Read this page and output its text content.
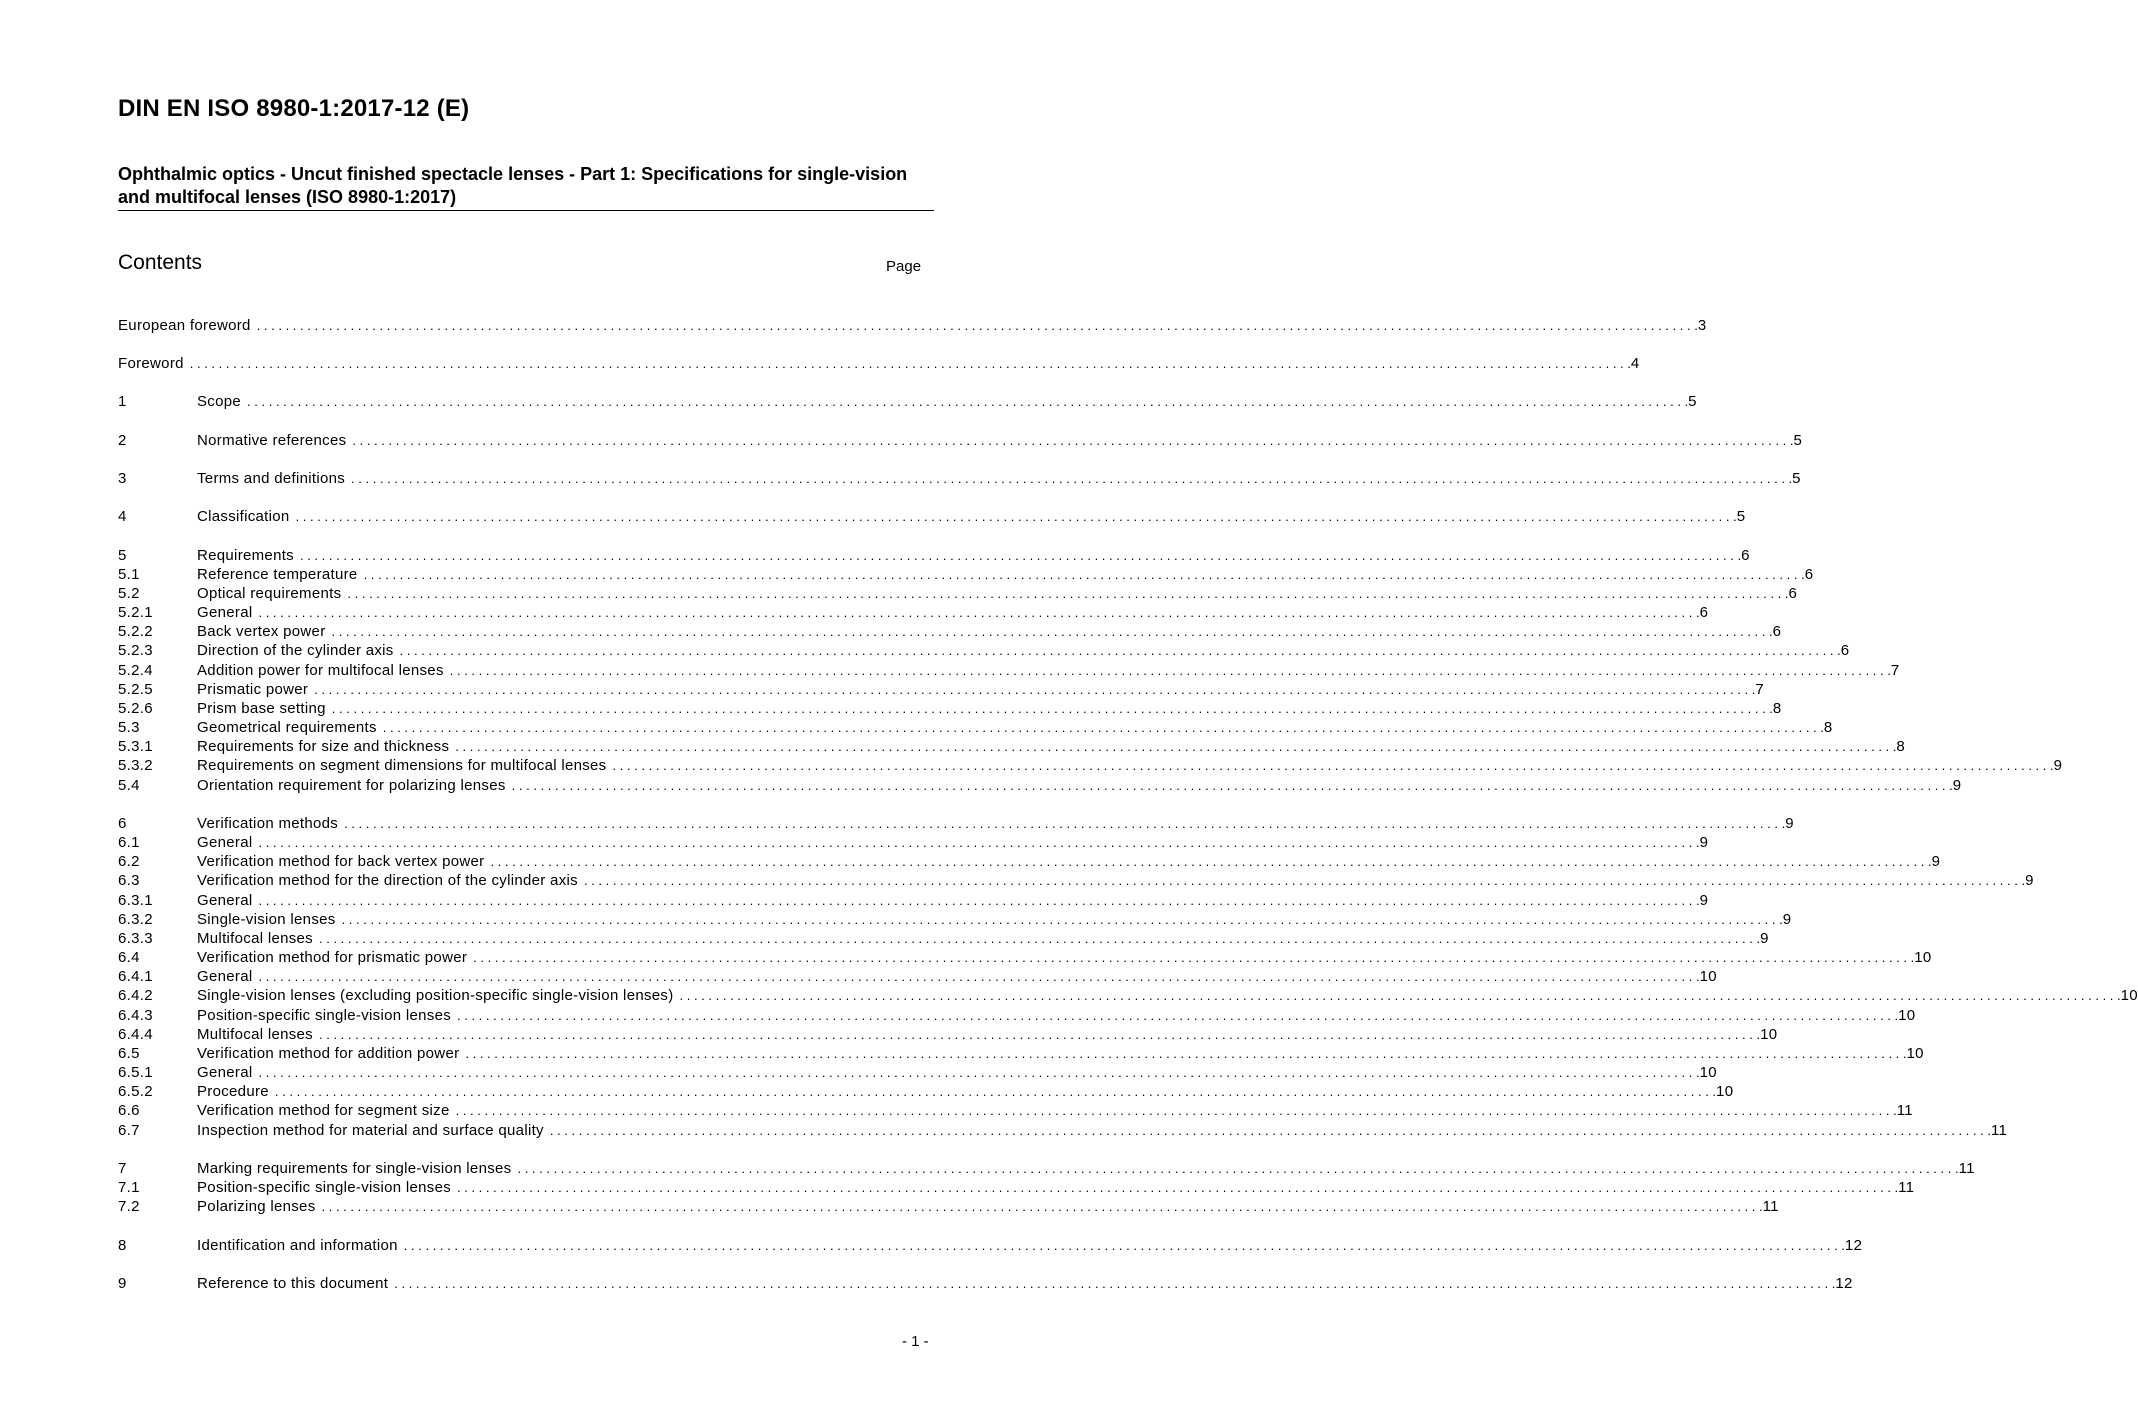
DIN EN ISO 8980-1:2017-12 (E)
Ophthalmic optics - Uncut finished spectacle lenses - Part 1: Specifications for single-vision and multifocal lenses (ISO 8980-1:2017)
Contents	Page
European foreword . . . . . . . . . . . . . . . . . . . . . . . . . . . . . . . . . . . . . . . . . . . . . . . . . . . . . . . . . . . . . . . . . . . . . . . . . . . . . . . . . . . . . . . . . . . . . . . . . . . . . . . . . . . . . . . . . . . . . . . . . . . . . . . . . . . . . . . . . . . . . . . . . . . . . . . . . . . . . . . . . . . . . . . . . . . . . . . . . . . . . . . . . . . . . . . . . . . . . . . . 3
Foreword . . . . . . . . . . . . . . . . . . . . . . . . . . . . . . . . . . . . . . . . . . . . . . . . . . . . . . . . . . . . . . . . . . . . . . . . . . . . . . . . . . . . . . . . . . . . . . . . . . . . . . . . . . . . . . . . . . . . . . . . . . . . . . . . . . . . . . . . . . . . . . . . . . . . . . . . . . . . . . . . . . . . . . . . . . . . . . . . . . . . . . . . . . . . . . . . . . . . . . . . 4
1	Scope . . . . . . . . . . . . . . . . . . . . . . . . . . . . . . . . . . . . . . . . . . . . . . . . . . . . . . . . . . . . . . . . . . . . . . . . . . . . . . . . . . . . . . . . . . . . . . . . . . . . . . . . . . . . . . . . . . . . . . . . . . . . . . . . . . . . . . . . . . . . . . . . . . . . . . . . . . . . . . . . . . . . . . . . . . . . . . . . . . . . . . . . . . . . . . . . . . . . . . . . 5
2	Normative references . . . . . . . . . . . . . . . . . . . . . . . . . . . . . . . . . . . . . . . . . . . . . . . . . . . . . . . . . . . . . . . . . . . . . . . . . . . . . . . . . . . . . . . . . . . . . . . . . . . . . . . . . . . . . . . . . . . . . . . . . . . . . . . . . . . . . . . . . . . . . . . . . . . . . . . . . . . . . . . . . . . . . . . . . . . . . . . . . . . . . . . . . . . . . . . . . . . . . . . . 5
3	Terms and definitions . . . . . . . . . . . . . . . . . . . . . . . . . . . . . . . . . . . . . . . . . . . . . . . . . . . . . . . . . . . . . . . . . . . . . . . . . . . . . . . . . . . . . . . . . . . . . . . . . . . . . . . . . . . . . . . . . . . . . . . . . . . . . . . . . . . . . . . . . . . . . . . . . . . . . . . . . . . . . . . . . . . . . . . . . . . . . . . . . . . . . . . . . . . . . . . . . . . . . . . . 5
4	Classification . . . . . . . . . . . . . . . . . . . . . . . . . . . . . . . . . . . . . . . . . . . . . . . . . . . . . . . . . . . . . . . . . . . . . . . . . . . . . . . . . . . . . . . . . . . . . . . . . . . . . . . . . . . . . . . . . . . . . . . . . . . . . . . . . . . . . . . . . . . . . . . . . . . . . . . . . . . . . . . . . . . . . . . . . . . . . . . . . . . . . . . . . . . . . . . . . . . . . . . . 5
5	Requirements . . . . . . . . . . . . . . . . . . . . . . . . . . . . . . . . . . . . . . . . . . . . . . . . . . . . . . . . . . . . . . . . . . . . . . . . . . . . . . . . . . . . . . . . . . . . . . . . . . . . . . . . . . . . . . . . . . . . . . . . . . . . . . . . . . . . . . . . . . . . . . . . . . . . . . . . . . . . . . . . . . . . . . . . . . . . . . . . . . . . . . . . . . . . . . . . . . . . . . . . 6
5.1	Reference temperature . . . . . . . . . . . . . . . . . . . . . . . . . . . . . . . . . . . . . . . . . . . . . . . . . . . . . . . . . . . . . . . . . . . . . . . . . . . . . . . . . . . . . . . . . . . . . . . . . . . . . . . . . . . . . . . . . . . . . . . . . . . . . . . . . . . . . . . . . . . . . . . . . . . . . . . . . . . . . . . . . . . . . . . . . . . . . . . . . . . . . . . . . . . . . . . . . . . . . . . . 6
5.2	Optical requirements . . . . . . . . . . . . . . . . . . . . . . . . . . . . . . . . . . . . . . . . . . . . . . . . . . . . . . . . . . . . . . . . . . . . . . . . . . . . . . . . . . . . . . . . . . . . . . . . . . . . . . . . . . . . . . . . . . . . . . . . . . . . . . . . . . . . . . . . . . . . . . . . . . . . . . . . . . . . . . . . . . . . . . . . . . . . . . . . . . . . . . . . . . . . . . . . . . . . . . . . 6
5.2.1	General . . . . . . . . . . . . . . . . . . . . . . . . . . . . . . . . . . . . . . . . . . . . . . . . . . . . . . . . . . . . . . . . . . . . . . . . . . . . . . . . . . . . . . . . . . . . . . . . . . . . . . . . . . . . . . . . . . . . . . . . . . . . . . . . . . . . . . . . . . . . . . . . . . . . . . . . . . . . . . . . . . . . . . . . . . . . . . . . . . . . . . . . . . . . . . . . . . . . . . . . 6
5.2.2	Back vertex power . . . . . . . . . . . . . . . . . . . . . . . . . . . . . . . . . . . . . . . . . . . . . . . . . . . . . . . . . . . . . . . . . . . . . . . . . . . . . . . . . . . . . . . . . . . . . . . . . . . . . . . . . . . . . . . . . . . . . . . . . . . . . . . . . . . . . . . . . . . . . . . . . . . . . . . . . . . . . . . . . . . . . . . . . . . . . . . . . . . . . . . . . . . . . . . . . . . . . . . . 6
5.2.3	Direction of the cylinder axis . . . . . . . . . . . . . . . . . . . . . . . . . . . . . . . . . . . . . . . . . . . . . . . . . . . . . . . . . . . . . . . . . . . . . . . . . . . . . . . . . . . . . . . . . . . . . . . . . . . . . . . . . . . . . . . . . . . . . . . . . . . . . . . . . . . . . . . . . . . . . . . . . . . . . . . . . . . . . . . . . . . . . . . . . . . . . . . . . . . . . . . . . . . . . . . . . . . . . . . . 6
5.2.4	Addition power for multifocal lenses . . . . . . . . . . . . . . . . . . . . . . . . . . . . . . . . . . . . . . . . . . . . . . . . . . . . . . . . . . . . . . . . . . . . . . . . . . . . . . . . . . . . . . . . . . . . . . . . . . . . . . . . . . . . . . . . . . . . . . . . . . . . . . . . . . . . . . . . . . . . . . . . . . . . . . . . . . . . . . . . . . . . . . . . . . . . . . . . . . . . . . . . . . . . . . . . . . . . . . . . 7
5.2.5	Prismatic power . . . . . . . . . . . . . . . . . . . . . . . . . . . . . . . . . . . . . . . . . . . . . . . . . . . . . . . . . . . . . . . . . . . . . . . . . . . . . . . . . . . . . . . . . . . . . . . . . . . . . . . . . . . . . . . . . . . . . . . . . . . . . . . . . . . . . . . . . . . . . . . . . . . . . . . . . . . . . . . . . . . . . . . . . . . . . . . . . . . . . . . . . . . . . . . . . . . . . . . . 7
5.2.6	Prism base setting . . . . . . . . . . . . . . . . . . . . . . . . . . . . . . . . . . . . . . . . . . . . . . . . . . . . . . . . . . . . . . . . . . . . . . . . . . . . . . . . . . . . . . . . . . . . . . . . . . . . . . . . . . . . . . . . . . . . . . . . . . . . . . . . . . . . . . . . . . . . . . . . . . . . . . . . . . . . . . . . . . . . . . . . . . . . . . . . . . . . . . . . . . . . . . . . . . . . . . . . 8
5.3	Geometrical requirements . . . . . . . . . . . . . . . . . . . . . . . . . . . . . . . . . . . . . . . . . . . . . . . . . . . . . . . . . . . . . . . . . . . . . . . . . . . . . . . . . . . . . . . . . . . . . . . . . . . . . . . . . . . . . . . . . . . . . . . . . . . . . . . . . . . . . . . . . . . . . . . . . . . . . . . . . . . . . . . . . . . . . . . . . . . . . . . . . . . . . . . . . . . . . . . . . . . . . . . . 8
5.3.1	Requirements for size and thickness . . . . . . . . . . . . . . . . . . . . . . . . . . . . . . . . . . . . . . . . . . . . . . . . . . . . . . . . . . . . . . . . . . . . . . . . . . . . . . . . . . . . . . . . . . . . . . . . . . . . . . . . . . . . . . . . . . . . . . . . . . . . . . . . . . . . . . . . . . . . . . . . . . . . . . . . . . . . . . . . . . . . . . . . . . . . . . . . . . . . . . . . . . . . . . . . . . . . . . . . 8
5.3.2	Requirements on segment dimensions for multifocal lenses . . . . . . . . . . . . . . . . . . . . . . . . . . . . . . . . . . . . . . . . . . . . . . . . . . . . . . . . . . . . . . . . . . . . . . . . . . . . . . . . . . . . . . . . . . . . . . . . . . . . . . . . . . . . . . . . . . . . . . . . . . . . . . . . . . . . . . . . . . . . . . . . . . . . . . . . . . . . . . . . . . . . . . . . . . . . . . . . . . . . . . . . . . . . . . . . . . . . . . . . 9
5.4	Orientation requirement for polarizing lenses . . . . . . . . . . . . . . . . . . . . . . . . . . . . . . . . . . . . . . . . . . . . . . . . . . . . . . . . . . . . . . . . . . . . . . . . . . . . . . . . . . . . . . . . . . . . . . . . . . . . . . . . . . . . . . . . . . . . . . . . . . . . . . . . . . . . . . . . . . . . . . . . . . . . . . . . . . . . . . . . . . . . . . . . . . . . . . . . . . . . . . . . . . . . . . . . . . . . . . . . 9
6	Verification methods . . . . . . . . . . . . . . . . . . . . . . . . . . . . . . . . . . . . . . . . . . . . . . . . . . . . . . . . . . . . . . . . . . . . . . . . . . . . . . . . . . . . . . . . . . . . . . . . . . . . . . . . . . . . . . . . . . . . . . . . . . . . . . . . . . . . . . . . . . . . . . . . . . . . . . . . . . . . . . . . . . . . . . . . . . . . . . . . . . . . . . . . . . . . . . . . . . . . . . . . 9
6.1	General . . . . . . . . . . . . . . . . . . . . . . . . . . . . . . . . . . . . . . . . . . . . . . . . . . . . . . . . . . . . . . . . . . . . . . . . . . . . . . . . . . . . . . . . . . . . . . . . . . . . . . . . . . . . . . . . . . . . . . . . . . . . . . . . . . . . . . . . . . . . . . . . . . . . . . . . . . . . . . . . . . . . . . . . . . . . . . . . . . . . . . . . . . . . . . . . . . . . . . . . 9
6.2	Verification method for back vertex power . . . . . . . . . . . . . . . . . . . . . . . . . . . . . . . . . . . . . . . . . . . . . . . . . . . . . . . . . . . . . . . . . . . . . . . . . . . . . . . . . . . . . . . . . . . . . . . . . . . . . . . . . . . . . . . . . . . . . . . . . . . . . . . . . . . . . . . . . . . . . . . . . . . . . . . . . . . . . . . . . . . . . . . . . . . . . . . . . . . . . . . . . . . . . . . . . . . . . . . . 9
6.3	Verification method for the direction of the cylinder axis . . . . . . . . . . . . . . . . . . . . . . . . . . . . . . . . . . . . . . . . . . . . . . . . . . . . . . . . . . . . . . . . . . . . . . . . . . . . . . . . . . . . . . . . . . . . . . . . . . . . . . . . . . . . . . . . . . . . . . . . . . . . . . . . . . . . . . . . . . . . . . . . . . . . . . . . . . . . . . . . . . . . . . . . . . . . . . . . . . . . . . . . . . . . . . . . . . . . . . . . 9
6.3.1	General . . . . . . . . . . . . . . . . . . . . . . . . . . . . . . . . . . . . . . . . . . . . . . . . . . . . . . . . . . . . . . . . . . . . . . . . . . . . . . . . . . . . . . . . . . . . . . . . . . . . . . . . . . . . . . . . . . . . . . . . . . . . . . . . . . . . . . . . . . . . . . . . . . . . . . . . . . . . . . . . . . . . . . . . . . . . . . . . . . . . . . . . . . . . . . . . . . . . . . . . 9
6.3.2	Single-vision lenses . . . . . . . . . . . . . . . . . . . . . . . . . . . . . . . . . . . . . . . . . . . . . . . . . . . . . . . . . . . . . . . . . . . . . . . . . . . . . . . . . . . . . . . . . . . . . . . . . . . . . . . . . . . . . . . . . . . . . . . . . . . . . . . . . . . . . . . . . . . . . . . . . . . . . . . . . . . . . . . . . . . . . . . . . . . . . . . . . . . . . . . . . . . . . . . . . . . . . . . . 9
6.3.3	Multifocal lenses . . . . . . . . . . . . . . . . . . . . . . . . . . . . . . . . . . . . . . . . . . . . . . . . . . . . . . . . . . . . . . . . . . . . . . . . . . . . . . . . . . . . . . . . . . . . . . . . . . . . . . . . . . . . . . . . . . . . . . . . . . . . . . . . . . . . . . . . . . . . . . . . . . . . . . . . . . . . . . . . . . . . . . . . . . . . . . . . . . . . . . . . . . . . . . . . . . . . . . . . 9
6.4	Verification method for prismatic power . . . . . . . . . . . . . . . . . . . . . . . . . . . . . . . . . . . . . . . . . . . . . . . . . . . . . . . . . . . . . . . . . . . . . . . . . . . . . . . . . . . . . . . . . . . . . . . . . . . . . . . . . . . . . . . . . . . . . . . . . . . . . . . . . . . . . . . . . . . . . . . . . . . . . . . . . . . . . . . . . . . . . . . . . . . . . . . . . . . . . . . . . . . . . . . . . . . . . . . . 10
6.4.1	General . . . . . . . . . . . . . . . . . . . . . . . . . . . . . . . . . . . . . . . . . . . . . . . . . . . . . . . . . . . . . . . . . . . . . . . . . . . . . . . . . . . . . . . . . . . . . . . . . . . . . . . . . . . . . . . . . . . . . . . . . . . . . . . . . . . . . . . . . . . . . . . . . . . . . . . . . . . . . . . . . . . . . . . . . . . . . . . . . . . . . . . . . . . . . . . . . . . . . . . . 10
6.4.2	Single-vision lenses (excluding position-specific single-vision lenses) . . . . . . . . . . . . . . . . . . . . . . . . . . . . . . . . . . . . . . . . . . . . . . . . . . . . . . . . . . . . . . . . . . . . . . . . . . . . . . . . . . . . . . . . . . . . . . . . . . . . . . . . . . . . . . . . . . . . . . . . . . . . . . . . . . . . . . . . . . . . . . . . . . . . . . . . . . . . . . . . . . . . . . . . . . . . . . . . . . . . . . . . . . . . . . . . . . . . . . . . 10
6.4.3	Position-specific single-vision lenses . . . . . . . . . . . . . . . . . . . . . . . . . . . . . . . . . . . . . . . . . . . . . . . . . . . . . . . . . . . . . . . . . . . . . . . . . . . . . . . . . . . . . . . . . . . . . . . . . . . . . . . . . . . . . . . . . . . . . . . . . . . . . . . . . . . . . . . . . . . . . . . . . . . . . . . . . . . . . . . . . . . . . . . . . . . . . . . . . . . . . . . . . . . . . . . . . . . . . . . . 10
6.4.4	Multifocal lenses . . . . . . . . . . . . . . . . . . . . . . . . . . . . . . . . . . . . . . . . . . . . . . . . . . . . . . . . . . . . . . . . . . . . . . . . . . . . . . . . . . . . . . . . . . . . . . . . . . . . . . . . . . . . . . . . . . . . . . . . . . . . . . . . . . . . . . . . . . . . . . . . . . . . . . . . . . . . . . . . . . . . . . . . . . . . . . . . . . . . . . . . . . . . . . . . . . . . . . . . 10
6.5	Verification method for addition power . . . . . . . . . . . . . . . . . . . . . . . . . . . . . . . . . . . . . . . . . . . . . . . . . . . . . . . . . . . . . . . . . . . . . . . . . . . . . . . . . . . . . . . . . . . . . . . . . . . . . . . . . . . . . . . . . . . . . . . . . . . . . . . . . . . . . . . . . . . . . . . . . . . . . . . . . . . . . . . . . . . . . . . . . . . . . . . . . . . . . . . . . . . . . . . . . . . . . . . . 10
6.5.1	General . . . . . . . . . . . . . . . . . . . . . . . . . . . . . . . . . . . . . . . . . . . . . . . . . . . . . . . . . . . . . . . . . . . . . . . . . . . . . . . . . . . . . . . . . . . . . . . . . . . . . . . . . . . . . . . . . . . . . . . . . . . . . . . . . . . . . . . . . . . . . . . . . . . . . . . . . . . . . . . . . . . . . . . . . . . . . . . . . . . . . . . . . . . . . . . . . . . . . . . . 10
6.5.2	Procedure . . . . . . . . . . . . . . . . . . . . . . . . . . . . . . . . . . . . . . . . . . . . . . . . . . . . . . . . . . . . . . . . . . . . . . . . . . . . . . . . . . . . . . . . . . . . . . . . . . . . . . . . . . . . . . . . . . . . . . . . . . . . . . . . . . . . . . . . . . . . . . . . . . . . . . . . . . . . . . . . . . . . . . . . . . . . . . . . . . . . . . . . . . . . . . . . . . . . . . . . 10
6.6	Verification method for segment size . . . . . . . . . . . . . . . . . . . . . . . . . . . . . . . . . . . . . . . . . . . . . . . . . . . . . . . . . . . . . . . . . . . . . . . . . . . . . . . . . . . . . . . . . . . . . . . . . . . . . . . . . . . . . . . . . . . . . . . . . . . . . . . . . . . . . . . . . . . . . . . . . . . . . . . . . . . . . . . . . . . . . . . . . . . . . . . . . . . . . . . . . . . . . . . . . . . . . . . . 11
6.7	Inspection method for material and surface quality . . . . . . . . . . . . . . . . . . . . . . . . . . . . . . . . . . . . . . . . . . . . . . . . . . . . . . . . . . . . . . . . . . . . . . . . . . . . . . . . . . . . . . . . . . . . . . . . . . . . . . . . . . . . . . . . . . . . . . . . . . . . . . . . . . . . . . . . . . . . . . . . . . . . . . . . . . . . . . . . . . . . . . . . . . . . . . . . . . . . . . . . . . . . . . . . . . . . . . . . 11
7	Marking requirements for single-vision lenses . . . . . . . . . . . . . . . . . . . . . . . . . . . . . . . . . . . . . . . . . . . . . . . . . . . . . . . . . . . . . . . . . . . . . . . . . . . . . . . . . . . . . . . . . . . . . . . . . . . . . . . . . . . . . . . . . . . . . . . . . . . . . . . . . . . . . . . . . . . . . . . . . . . . . . . . . . . . . . . . . . . . . . . . . . . . . . . . . . . . . . . . . . . . . . . . . . . . . . . . 11
7.1	Position-specific single-vision lenses . . . . . . . . . . . . . . . . . . . . . . . . . . . . . . . . . . . . . . . . . . . . . . . . . . . . . . . . . . . . . . . . . . . . . . . . . . . . . . . . . . . . . . . . . . . . . . . . . . . . . . . . . . . . . . . . . . . . . . . . . . . . . . . . . . . . . . . . . . . . . . . . . . . . . . . . . . . . . . . . . . . . . . . . . . . . . . . . . . . . . . . . . . . . . . . . . . . . . . . . 11
7.2	Polarizing lenses . . . . . . . . . . . . . . . . . . . . . . . . . . . . . . . . . . . . . . . . . . . . . . . . . . . . . . . . . . . . . . . . . . . . . . . . . . . . . . . . . . . . . . . . . . . . . . . . . . . . . . . . . . . . . . . . . . . . . . . . . . . . . . . . . . . . . . . . . . . . . . . . . . . . . . . . . . . . . . . . . . . . . . . . . . . . . . . . . . . . . . . . . . . . . . . . . . . . . . . . 11
8	Identification and information . . . . . . . . . . . . . . . . . . . . . . . . . . . . . . . . . . . . . . . . . . . . . . . . . . . . . . . . . . . . . . . . . . . . . . . . . . . . . . . . . . . . . . . . . . . . . . . . . . . . . . . . . . . . . . . . . . . . . . . . . . . . . . . . . . . . . . . . . . . . . . . . . . . . . . . . . . . . . . . . . . . . . . . . . . . . . . . . . . . . . . . . . . . . . . . . . . . . . . . . 12
9	Reference to this document . . . . . . . . . . . . . . . . . . . . . . . . . . . . . . . . . . . . . . . . . . . . . . . . . . . . . . . . . . . . . . . . . . . . . . . . . . . . . . . . . . . . . . . . . . . . . . . . . . . . . . . . . . . . . . . . . . . . . . . . . . . . . . . . . . . . . . . . . . . . . . . . . . . . . . . . . . . . . . . . . . . . . . . . . . . . . . . . . . . . . . . . . . . . . . . . . . . . . . . . 12
- 1 -
